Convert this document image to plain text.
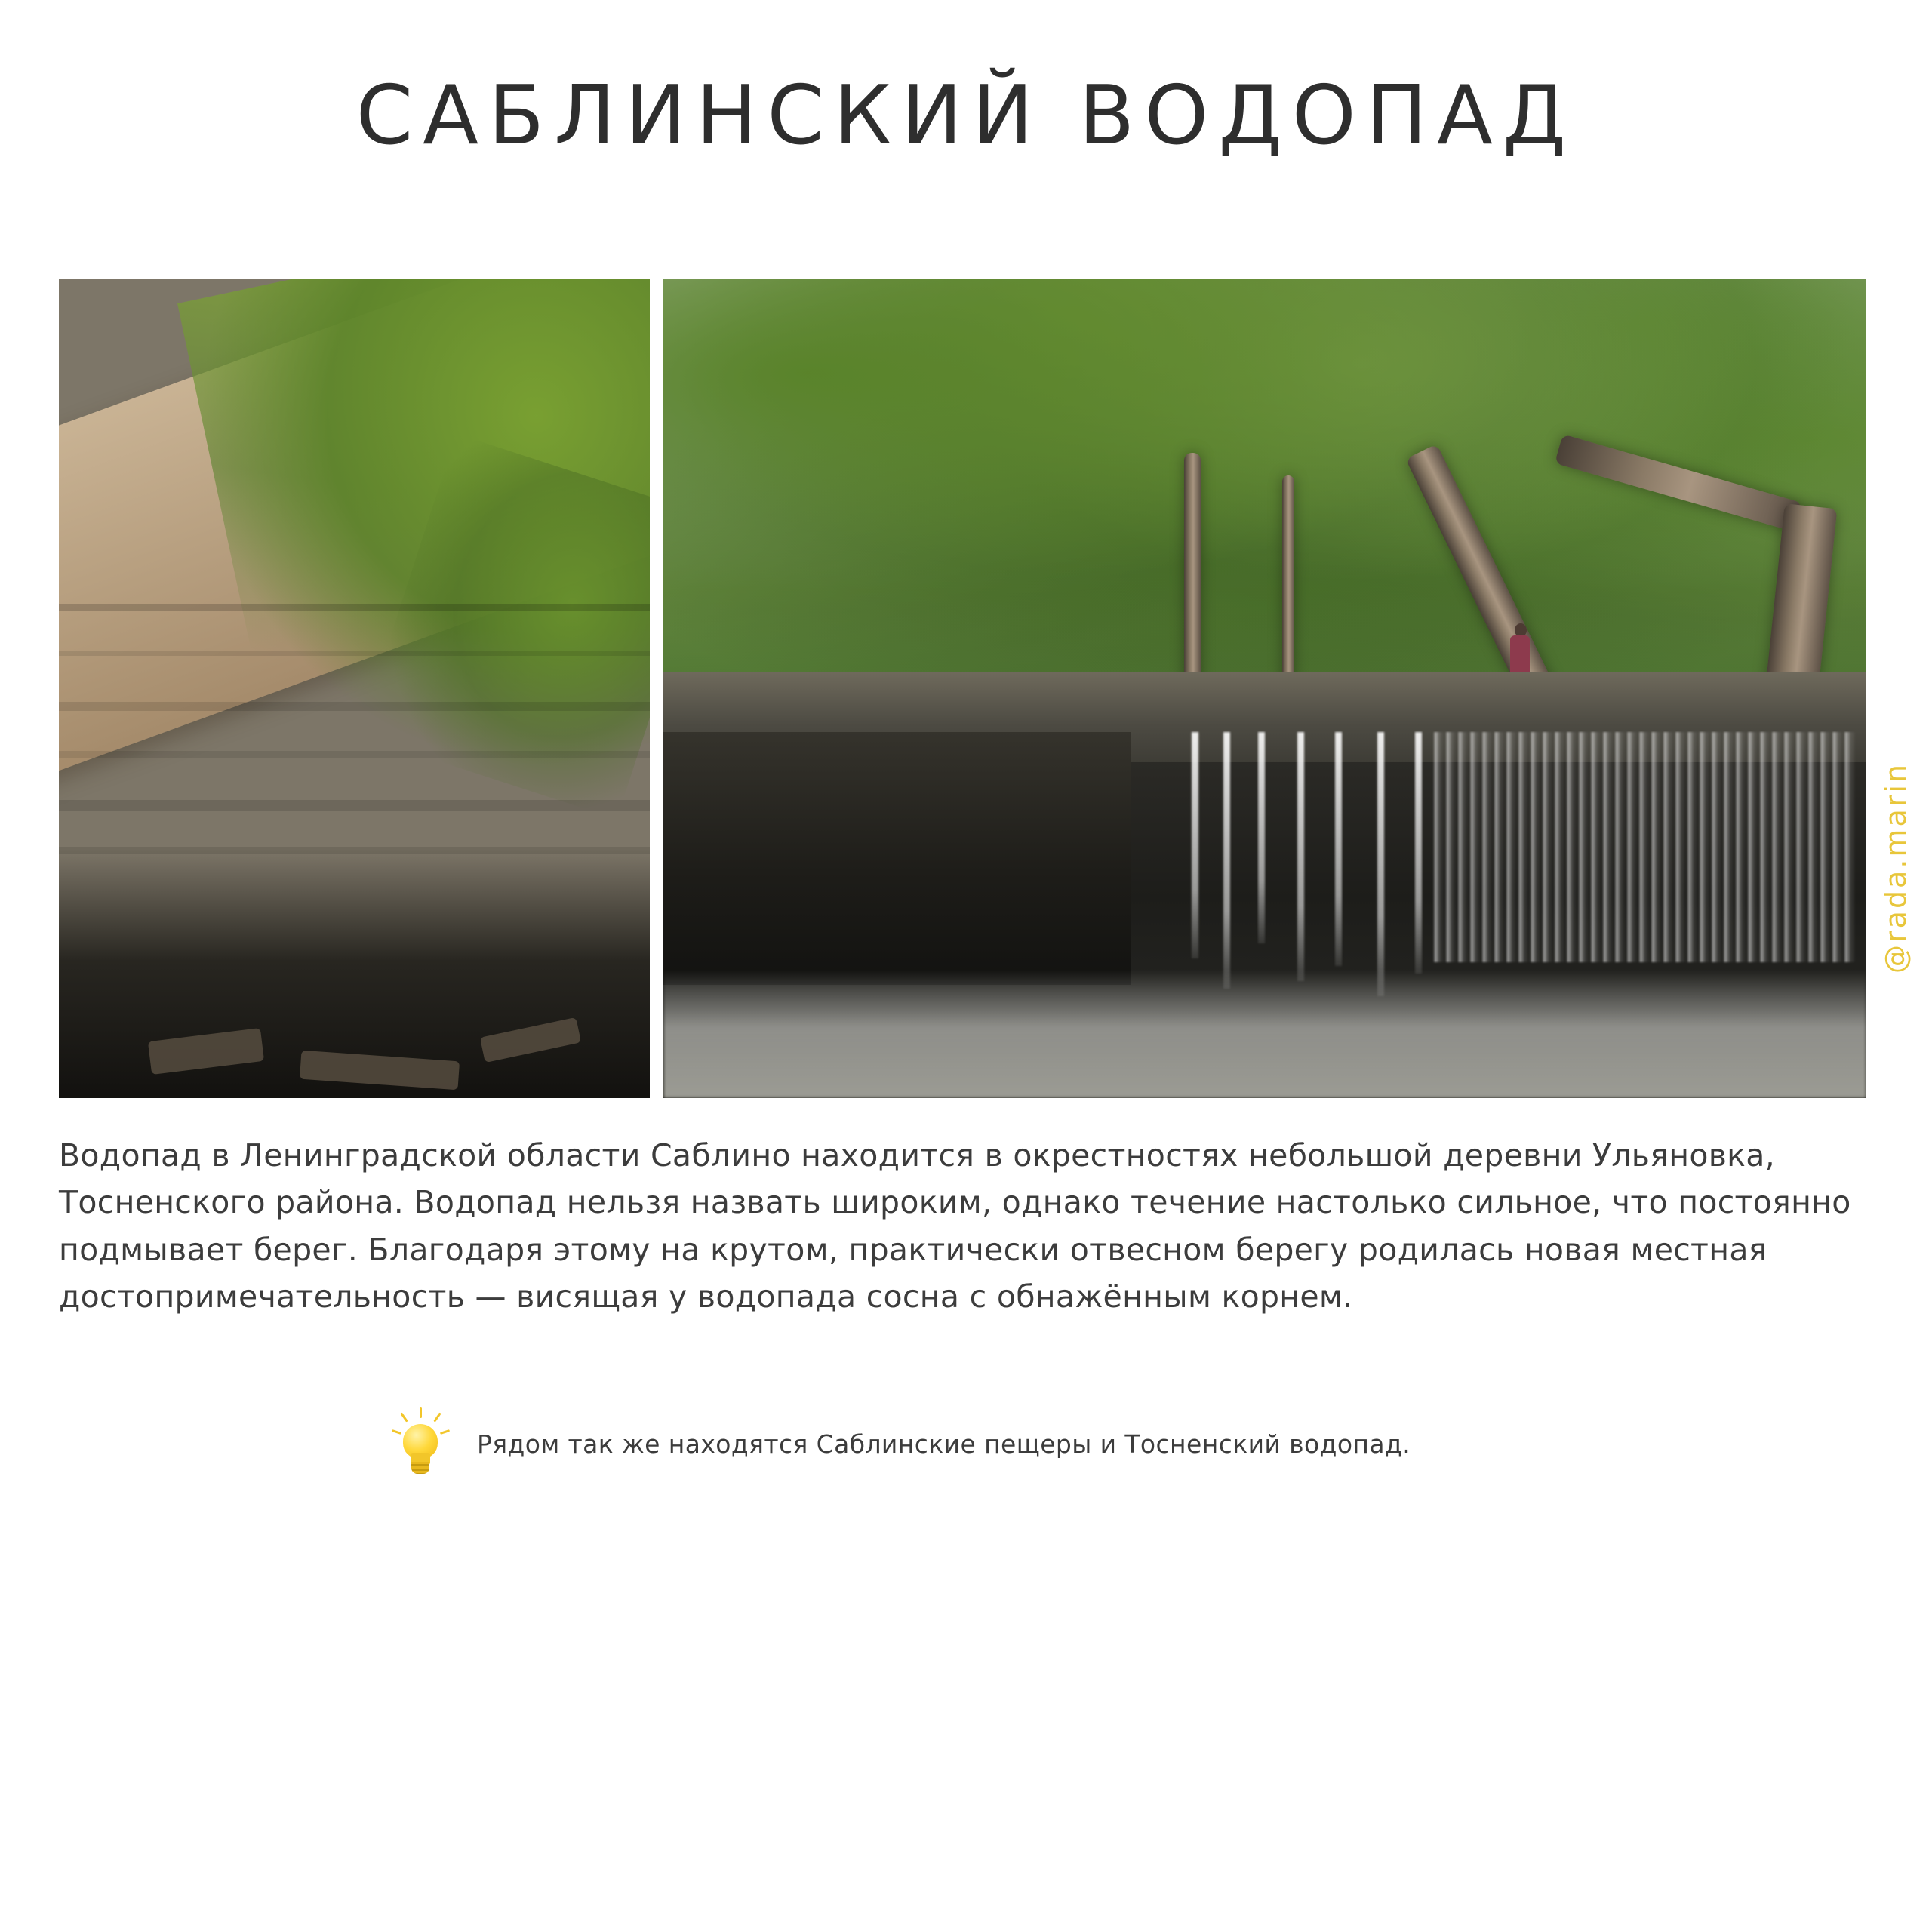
САБЛИНСКИЙ ВОДОПАД
@rada.marin
Водопад в Ленинградской области Саблино находится в окрестностях небольшой деревни Ульяновка, Тосненского района. Водопад нельзя назвать широким, однако течение настолько сильное, что постоянно подмывает берег. Благодаря этому на крутом, практически отвесном берегу родилась новая местная достопримечательность — висящая у водопада сосна с обнажённым корнем.
Рядом так же находятся Саблинские пещеры и Тосненский водопад.
